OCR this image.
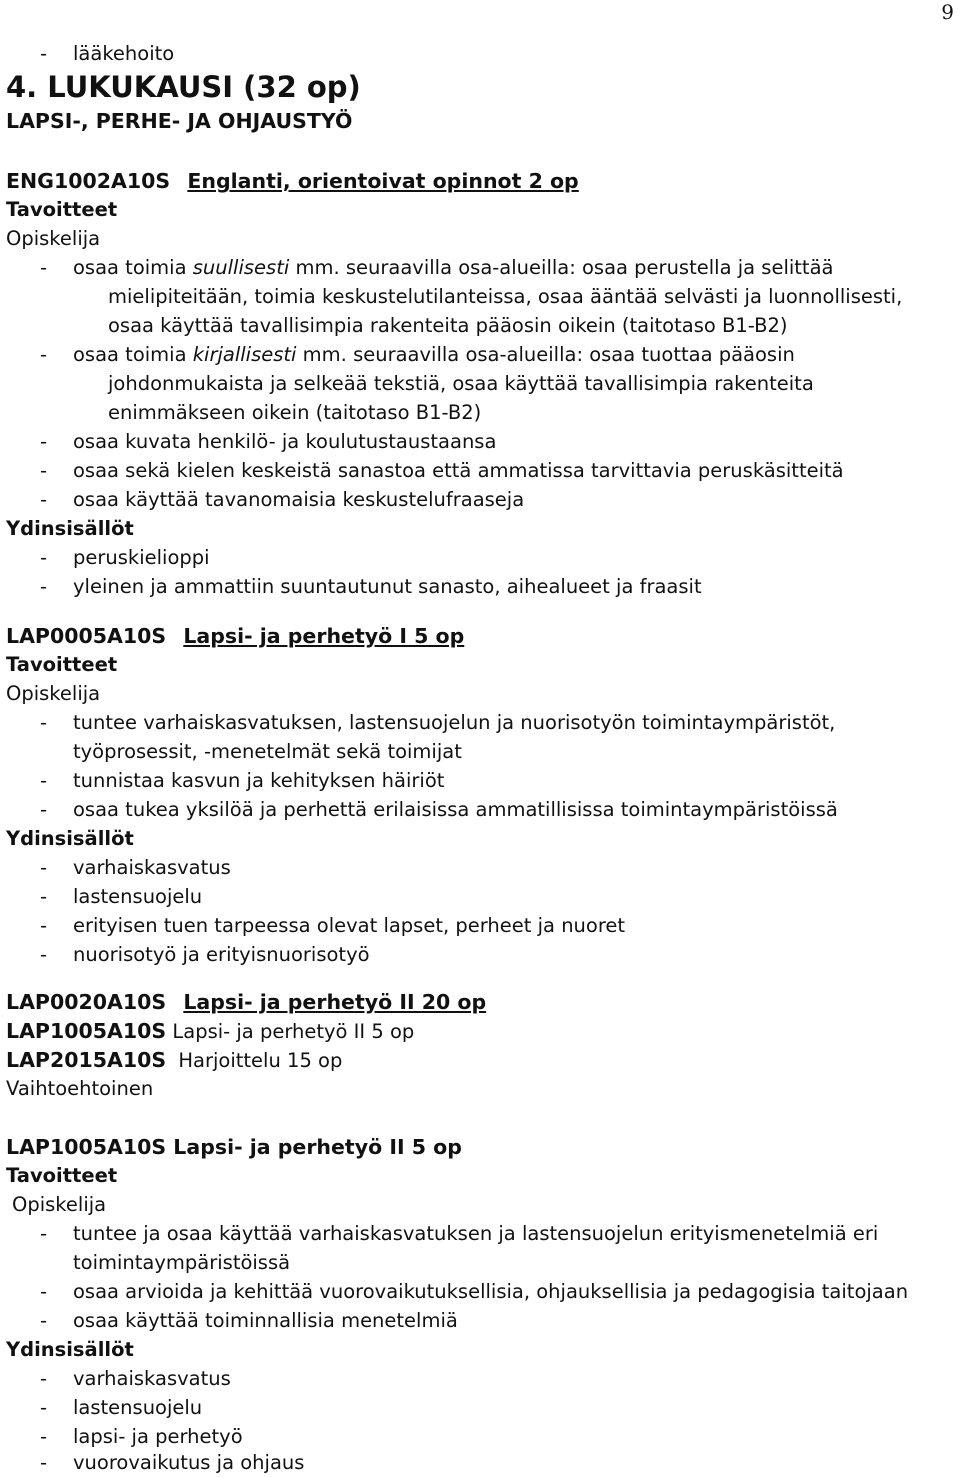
9
- lääkehoito
4. LUKUKAUSI (32 op)
LAPSI-, PERHE- JA OHJAUSTYÖ
ENG1002A10S Englanti, orientoivat opinnot 2 op
Tavoitteet
Opiskelija
- osaa toimia suullisesti mm. seuraavilla osa-alueilla: osaa perustella ja selittää
mielipiteitään, toimia keskustelutilanteissa, osaa ääntää selvästi ja luonnollisesti,
osaa käyttää tavallisimpia rakenteita pääosin oikein (taitotaso B1-B2)
- osaa toimia kirjallisesti mm. seuraavilla osa-alueilla: osaa tuottaa pääosin
johdonmukaista ja selkeää tekstiä, osaa käyttää tavallisimpia rakenteita
enimmäkseen oikein (taitotaso B1-B2)
- osaa kuvata henkilö- ja koulutustaustaansa
- osaa sekä kielen keskeistä sanastoa että ammatissa tarvittavia peruskäsitteitä
- osaa käyttää tavanomaisia keskustelufraaseja
Ydinsisällöt
- peruskielioppi
- yleinen ja ammattiin suuntautunut sanasto, aihealueet ja fraasit
LAP0005A10S Lapsi- ja perhetyö I 5 op
Tavoitteet
Opiskelija
- tuntee varhaiskasvatuksen, lastensuojelun ja nuorisotyön toimintaympäristöt,
työprosessit, -menetelmät sekä toimijat
- tunnistaa kasvun ja kehityksen häiriöt
- osaa tukea yksilöä ja perhettä erilaisissa ammatillisissa toimintaympäristöissä
Ydinsisällöt
- varhaiskasvatus
- lastensuojelu
- erityisen tuen tarpeessa olevat lapset, perheet ja nuoret
- nuorisotyö ja erityisnuorisotyö
LAP0020A10S Lapsi- ja perhetyö II 20 op
LAP1005A10S Lapsi- ja perhetyö II 5 op
LAP2015A10S Harjoittelu 15 op
Vaihtoehtoinen
LAP1005A10S Lapsi- ja perhetyö II 5 op
Tavoitteet
Opiskelija
- tuntee ja osaa käyttää varhaiskasvatuksen ja lastensuojelun erityismenetelmiä eri
toimintaympäristöissä
- osaa arvioida ja kehittää vuorovaikutuksellisia, ohjauksellisia ja pedagogisia taitojaan
- osaa käyttää toiminnallisia menetelmiä
Ydinsisällöt
- varhaiskasvatus
- lastensuojelu
- lapsi- ja perhetyö
- vuorovaikutus ja ohjaus
